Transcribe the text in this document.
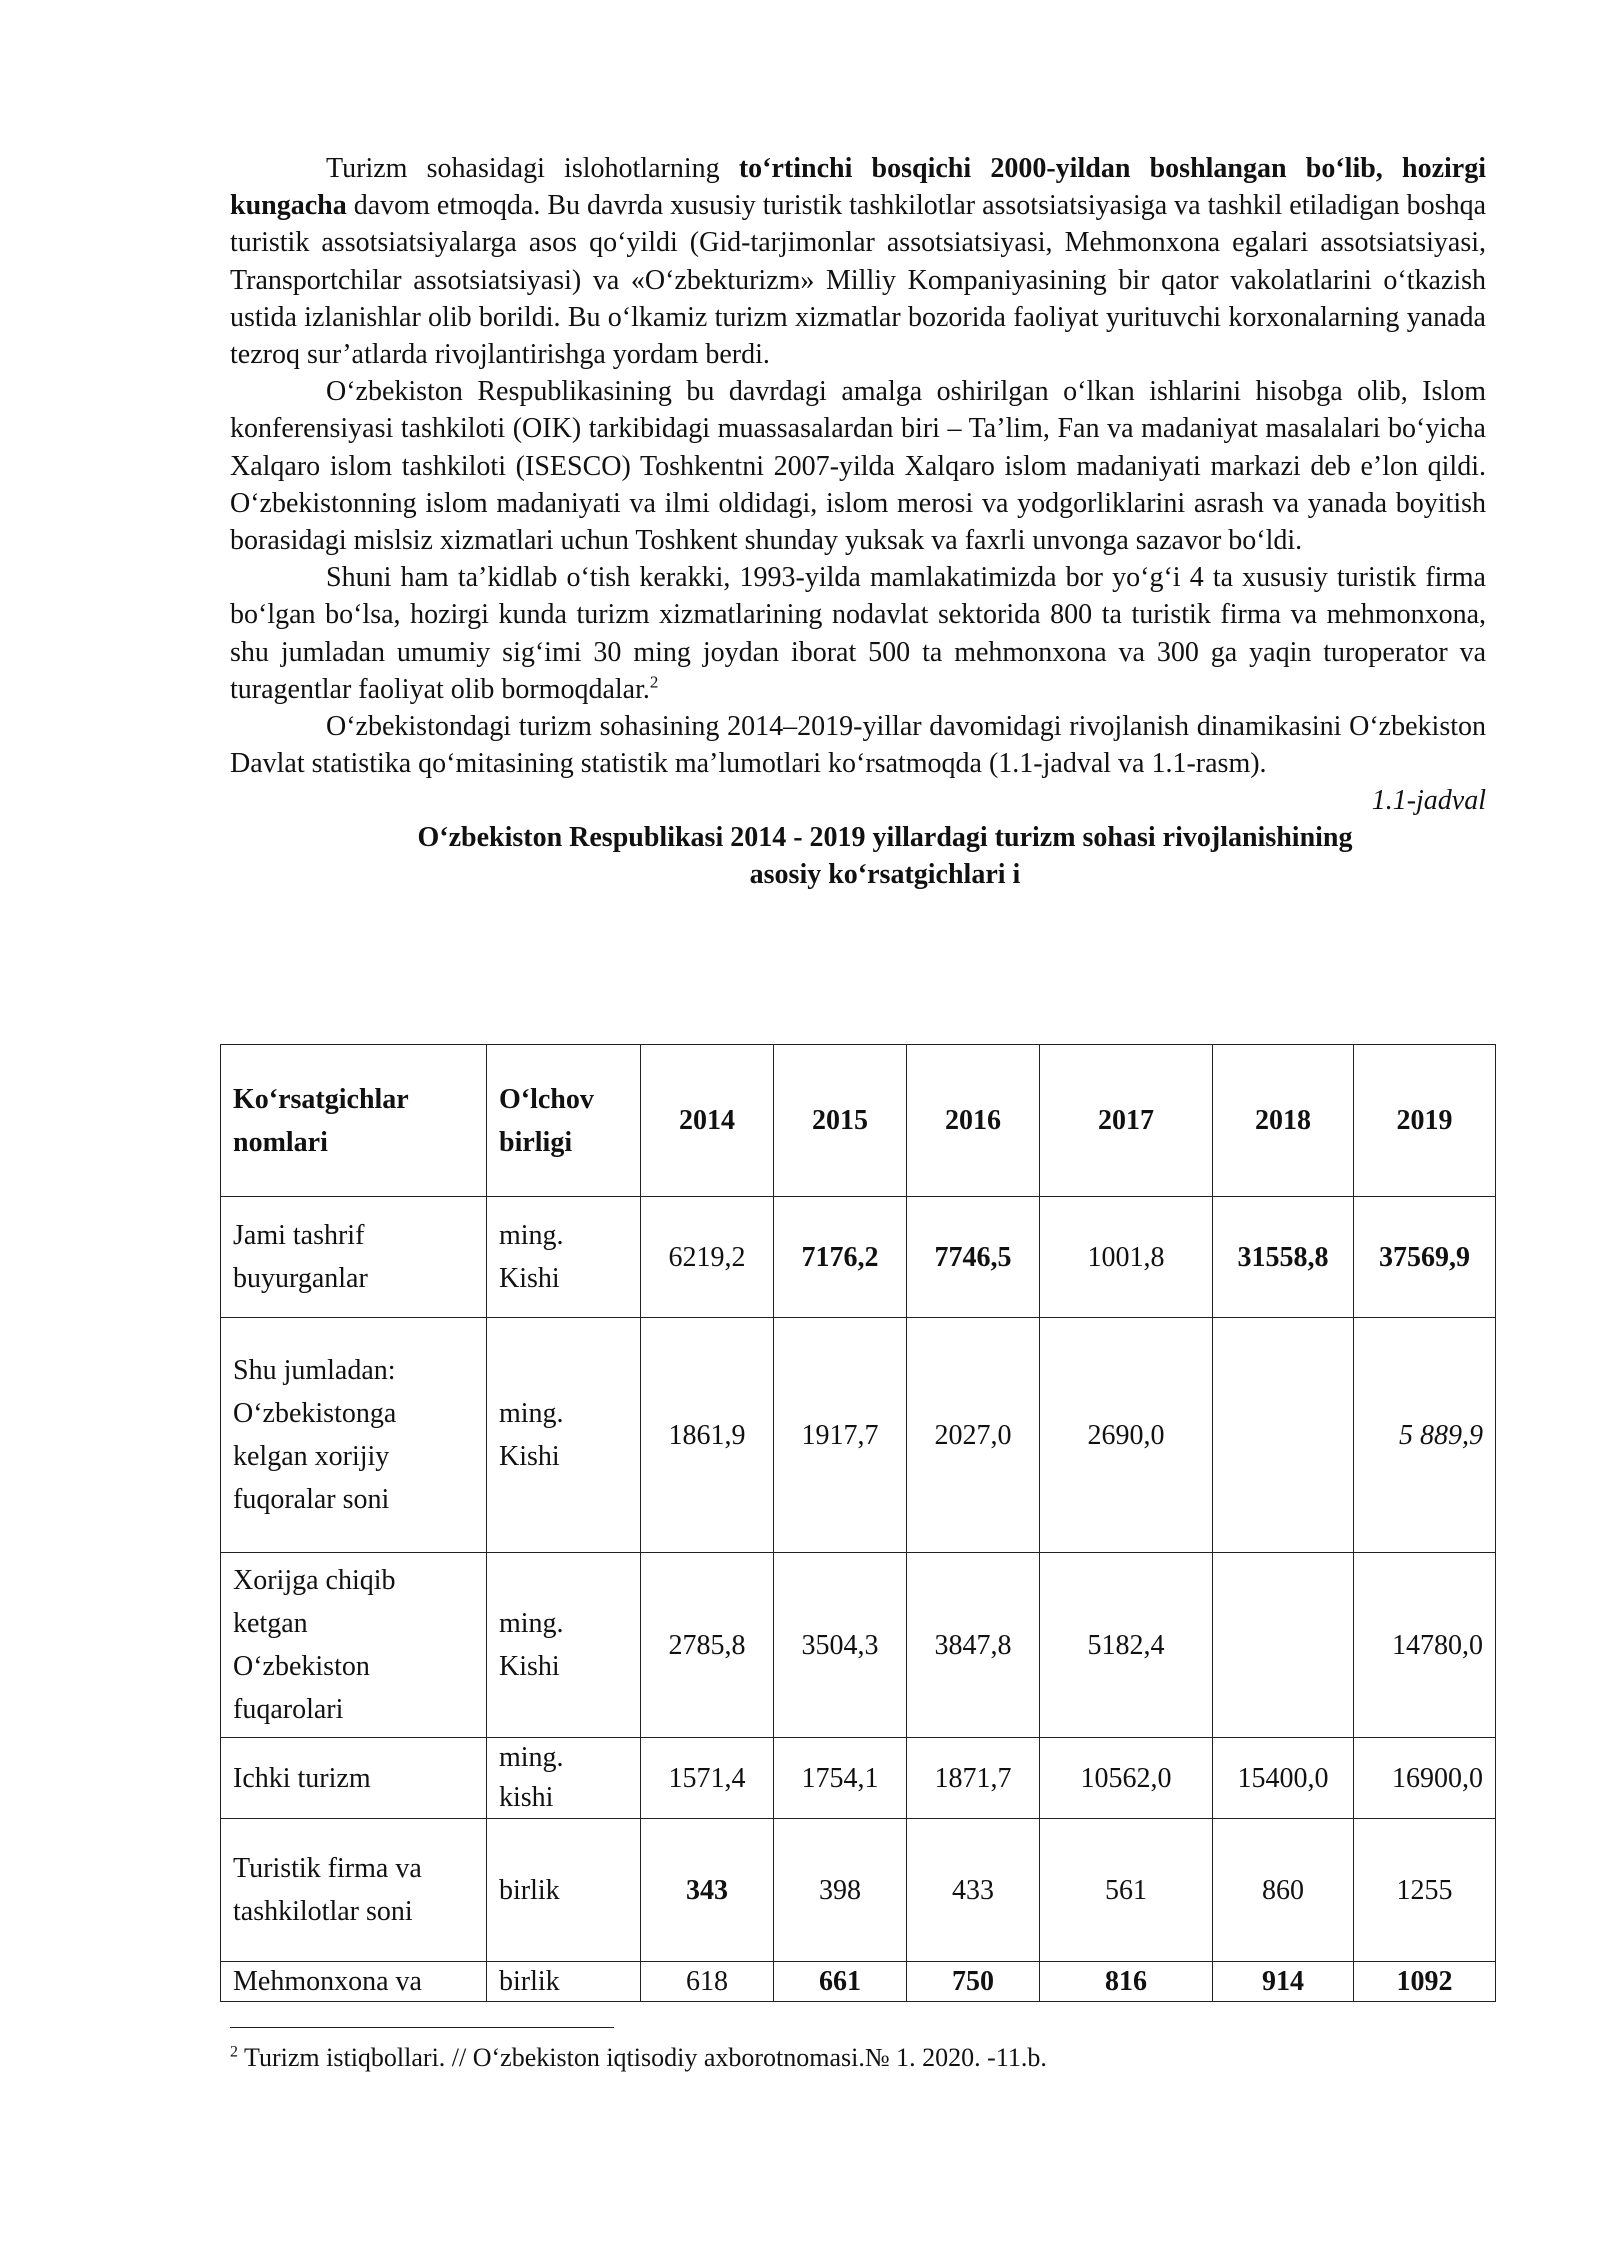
Turizm sohasidagi islohotlarning to‘rtinchi bosqichi 2000-yildan boshlangan bo‘lib, hozirgi kungacha davom etmoqda. Bu davrda xususiy turistik tashkilotlar assotsiatsiyasiga va tashkil etiladigan boshqa turistik assotsiatsiyalarga asos qo‘yildi (Gid-tarjimonlar assotsiatsiyasi, Mehmonxona egalari assotsiatsiyasi, Transportchilar assotsiatsiyasi) va «O‘zbekturizm» Milliy Kompaniyasining bir qator vakolatlarini o‘tkazish ustida izlanishlar olib borildi. Bu o‘lkamiz turizm xizmatlar bozorida faoliyat yurituvchi korxonalarning yanada tezroq sur’atlarda rivojlantirishga yordam berdi.

O‘zbekiston Respublikasining bu davrdagi amalga oshirilgan o‘lkan ishlarini hisobga olib, Islom konferensiyasi tashkiloti (OIK) tarkibidagi muassasalardan biri – Ta’lim, Fan va madaniyat masalalari bo‘yicha Xalqaro islom tashkiloti (ISESCO) Toshkentni 2007-yilda Xalqaro islom madaniyati markazi deb e’lon qildi. O‘zbekistonning islom madaniyati va ilmi oldidagi, islom merosi va yodgorliklarini asrash va yanada boyitish borasidagi mislsiz xizmatlari uchun Toshkent shunday yuksak va faxrli unvonga sazavor bo‘ldi.

Shuni ham ta’kidlab o‘tish kerakki, 1993-yilda mamlakatimizda bor yo‘g‘i 4 ta xususiy turistik firma bo‘lgan bo‘lsa, hozirgi kunda turizm xizmatlarining nodavlat sektorida 800 ta turistik firma va mehmonxona, shu jumladan umumiy sig‘imi 30 ming joydan iborat 500 ta mehmonxona va 300 ga yaqin turoperator va turagentlar faoliyat olib bormoqdalar.$^2$

O‘zbekistondagi turizm sohasining 2014–2019-yillar davomidagi rivojlanish dinamikasini O‘zbekiston Davlat statistika qo‘mitasining statistik ma’lumotlari ko‘rsatmoqda (1.1-jadval va 1.1-rasm).

1.1-jadval

O‘zbekiston Respublikasi 2014 - 2019 yillardagi turizm sohasi rivojlanishining
asosiy ko‘rsatgichlari i

Ko‘rsatgichlar
nomlari	O‘lchov
birligi	2014	2015	2016	2017	2018	2019
Jami tashrif
buyurganlar	ming.
Kishi	6219,2	7176,2	7746,5	1001,8	31558,8	37569,9
Shu jumladan:
O‘zbekistonga
kelgan xorijiy
fuqoralar soni	ming.
Kishi	1861,9	1917,7	2027,0	2690,0		5 889,9
Xorijga chiqib
ketgan
O‘zbekiston
fuqarolari	ming.
Kishi	2785,8	3504,3	3847,8	5182,4		14780,0
Ichki turizm	ming.
kishi	1571,4	1754,1	1871,7	10562,0	15400,0	16900,0
Turistik firma va
tashkilotlar soni	birlik	343	398	433	561	860	1255
Mehmonxona va	birlik	618	661	750	816	914	1092
$^2$ Turizm istiqbollari. // O‘zbekiston iqtisodiy axborotnomasi.№ 1. 2020. -11.b.
